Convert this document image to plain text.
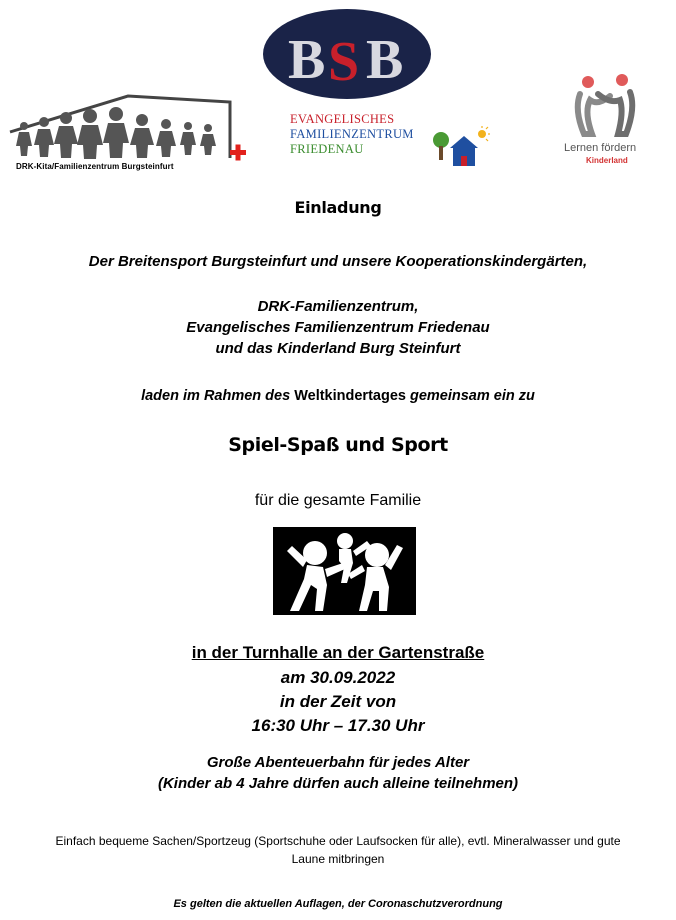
DRK-Kita/Familienzentrum Burgsteinfurt
B S B
EVANGELISCHES
FAMILIENZENTRUM
FRIEDENAU	Lernen fördern
Kinderland
Einladung
Der Breitensport Burgsteinfurt und unsere Kooperationskindergärten,
DRK-Familienzentrum,
Evangelisches Familienzentrum Friedenau
und das Kinderland Burg Steinfurt
laden im Rahmen des Weltkindertages gemeinsam ein zu
Spiel-Spaß und Sport
für die gesamte Familie
in der Turnhalle an der Gartenstraße
am 30.09.2022
in der Zeit von
16:30 Uhr – 17.30 Uhr
Große Abenteuerbahn für jedes Alter
(Kinder ab 4 Jahre dürfen auch alleine teilnehmen)
Einfach bequeme Sachen/Sportzeug (Sportschuhe oder Laufsocken für alle), evtl. Mineralwasser und gute Laune mitbringen
Es gelten die aktuellen Auflagen, der Coronaschutzverordnung
